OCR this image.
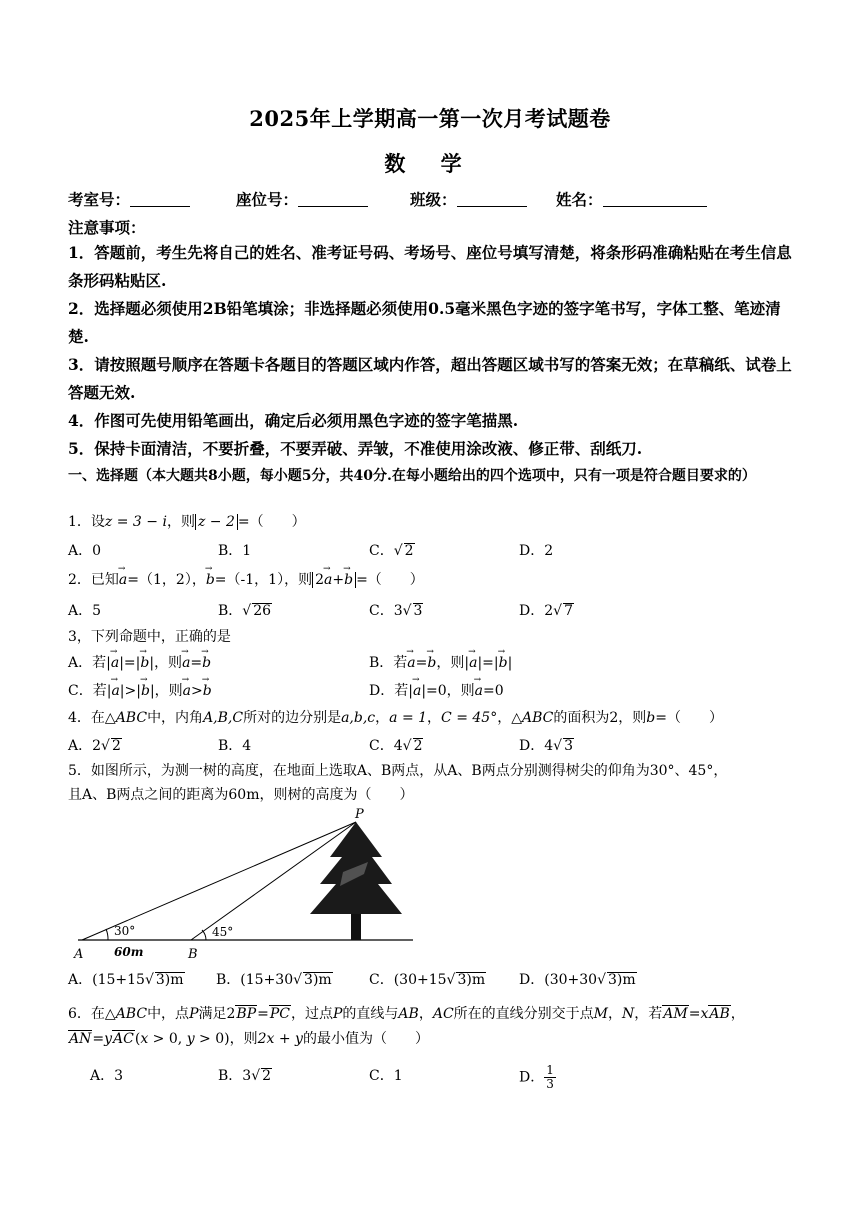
2025年上学期高一第一次月考试题卷
数 学
考室号：	座位号：	班级：	姓名：
注意事项：
1．答题前，考生先将自己的姓名、准考证号码、考场号、座位号填写清楚，将条形码准确粘贴在考生信息条形码粘贴区.
2．选择题必须使用2B铅笔填涂；非选择题必须使用0.5毫米黑色字迹的签字笔书写，字体工整、笔迹清楚.
3．请按照题号顺序在答题卡各题目的答题区域内作答，超出答题区域书写的答案无效；在草稿纸、试卷上答题无效.
4．作图可先使用铅笔画出，确定后必须用黑色字迹的签字笔描黑.
5．保持卡面清洁，不要折叠，不要弄破、弄皱，不准使用涂改液、修正带、刮纸刀.
一、选择题（本大题共8小题，每小题5分，共40分.在每小题给出的四个选项中，只有一项是符合题目要求的）
1．设z = 3 − i，则 z − 2 =（　　）
A．0	B．1	C．√ 2	D．2
2．已知→ a=（1，2），→ b=（-1，1），则 2→ a+→ b =（　　）
A．5	B．√ 26	C．3√ 3	D．2√ 7
3，下列命题中，正确的是
A．若|→ a|=|→ b|，则→ a=→ b	B．若→ a=→ b，则|→ a|=|→ b|
C．若|→ a|>|→ b|，则→ a>→ b	D．若|→ a|=0，则→ a=0
4．在△ABC中，内角A,B,C所对的边分别是a,b,c，a = 1，C = 45°，△ABC的面积为2，则b=（　　）
A．2√ 2	B．4	C．4√ 2	D．4√ 3
5．如图所示，为测一树的高度，在地面上选取A、B两点，从A、B两点分别测得树尖的仰角为30°、45°，
且A、B两点之间的距离为60m，则树的高度为（　　）
P
A	B
30°	45°
60m
A．(15+15√ 3)m B．(15+30√ 3)m	C．(30+15√ 3)m D．(30+30√ 3)m
6．在△ABC中，点P满足2BP=PC，过点P的直线与AB，AC所在的直线分别交于点M，N，若AM=xAB，
AN=yAC(x > 0, y > 0)，则2x + y的最小值为（　　）
A．3	B．3√ 2	C．1	D． $\frac{1}{3}$
